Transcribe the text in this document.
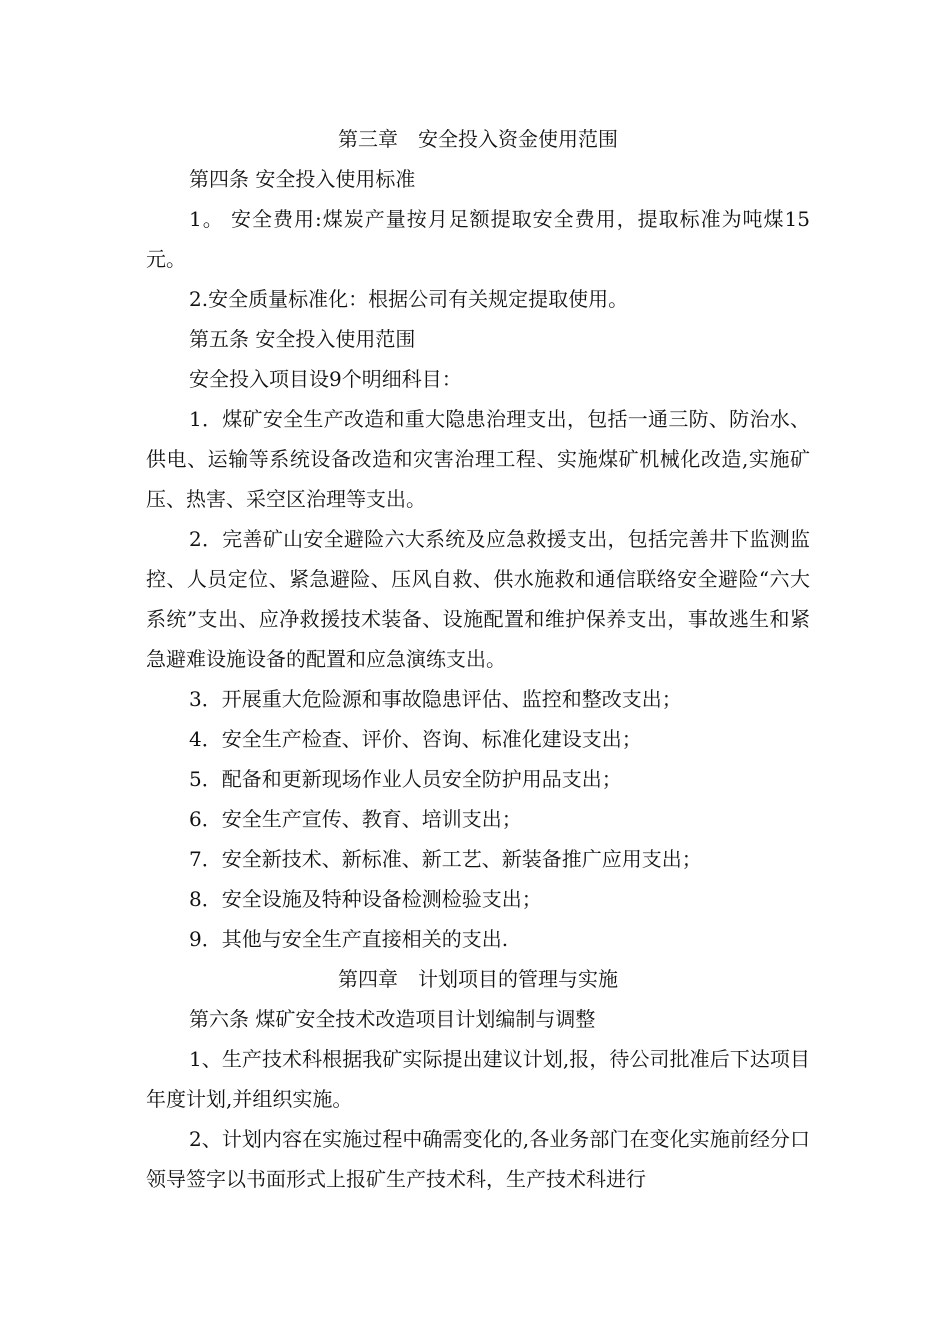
第三章　安全投入资金使用范围
第四条 安全投入使用标准

1。 安全费用:煤炭产量按月足额提取安全费用，提取标准为吨煤15元。

2.安全质量标准化：根据公司有关规定提取使用。

第五条 安全投入使用范围
安全投入项目设9个明细科目：

1．煤矿安全生产改造和重大隐患治理支出，包括一通三防、防治水、供电、运输等系统设备改造和灾害治理工程、实施煤矿机械化改造,实施矿压、热害、采空区治理等支出。

2．完善矿山安全避险六大系统及应急救援支出，包括完善井下监测监控、人员定位、紧急避险、压风自救、供水施救和通信联络安全避险“六大系统”支出、应净救援技术装备、设施配置和维护保养支出，事故逃生和紧急避难设施设备的配置和应急演练支出。

3．开展重大危险源和事故隐患评估、监控和整改支出；

4．安全生产检查、评价、咨询、标准化建设支出；

5．配备和更新现场作业人员安全防护用品支出；

6．安全生产宣传、教育、培训支出；

7．安全新技术、新标准、新工艺、新装备推广应用支出；

8．安全设施及特种设备检测检验支出；

9．其他与安全生产直接相关的支出.

第四章　计划项目的管理与实施
第六条 煤矿安全技术改造项目计划编制与调整

1、生产技术科根据我矿实际提出建议计划,报，待公司批准后下达项目年度计划,并组织实施。

2、计划内容在实施过程中确需变化的,各业务部门在变化实施前经分口领导签字以书面形式上报矿生产技术科，生产技术科进行
